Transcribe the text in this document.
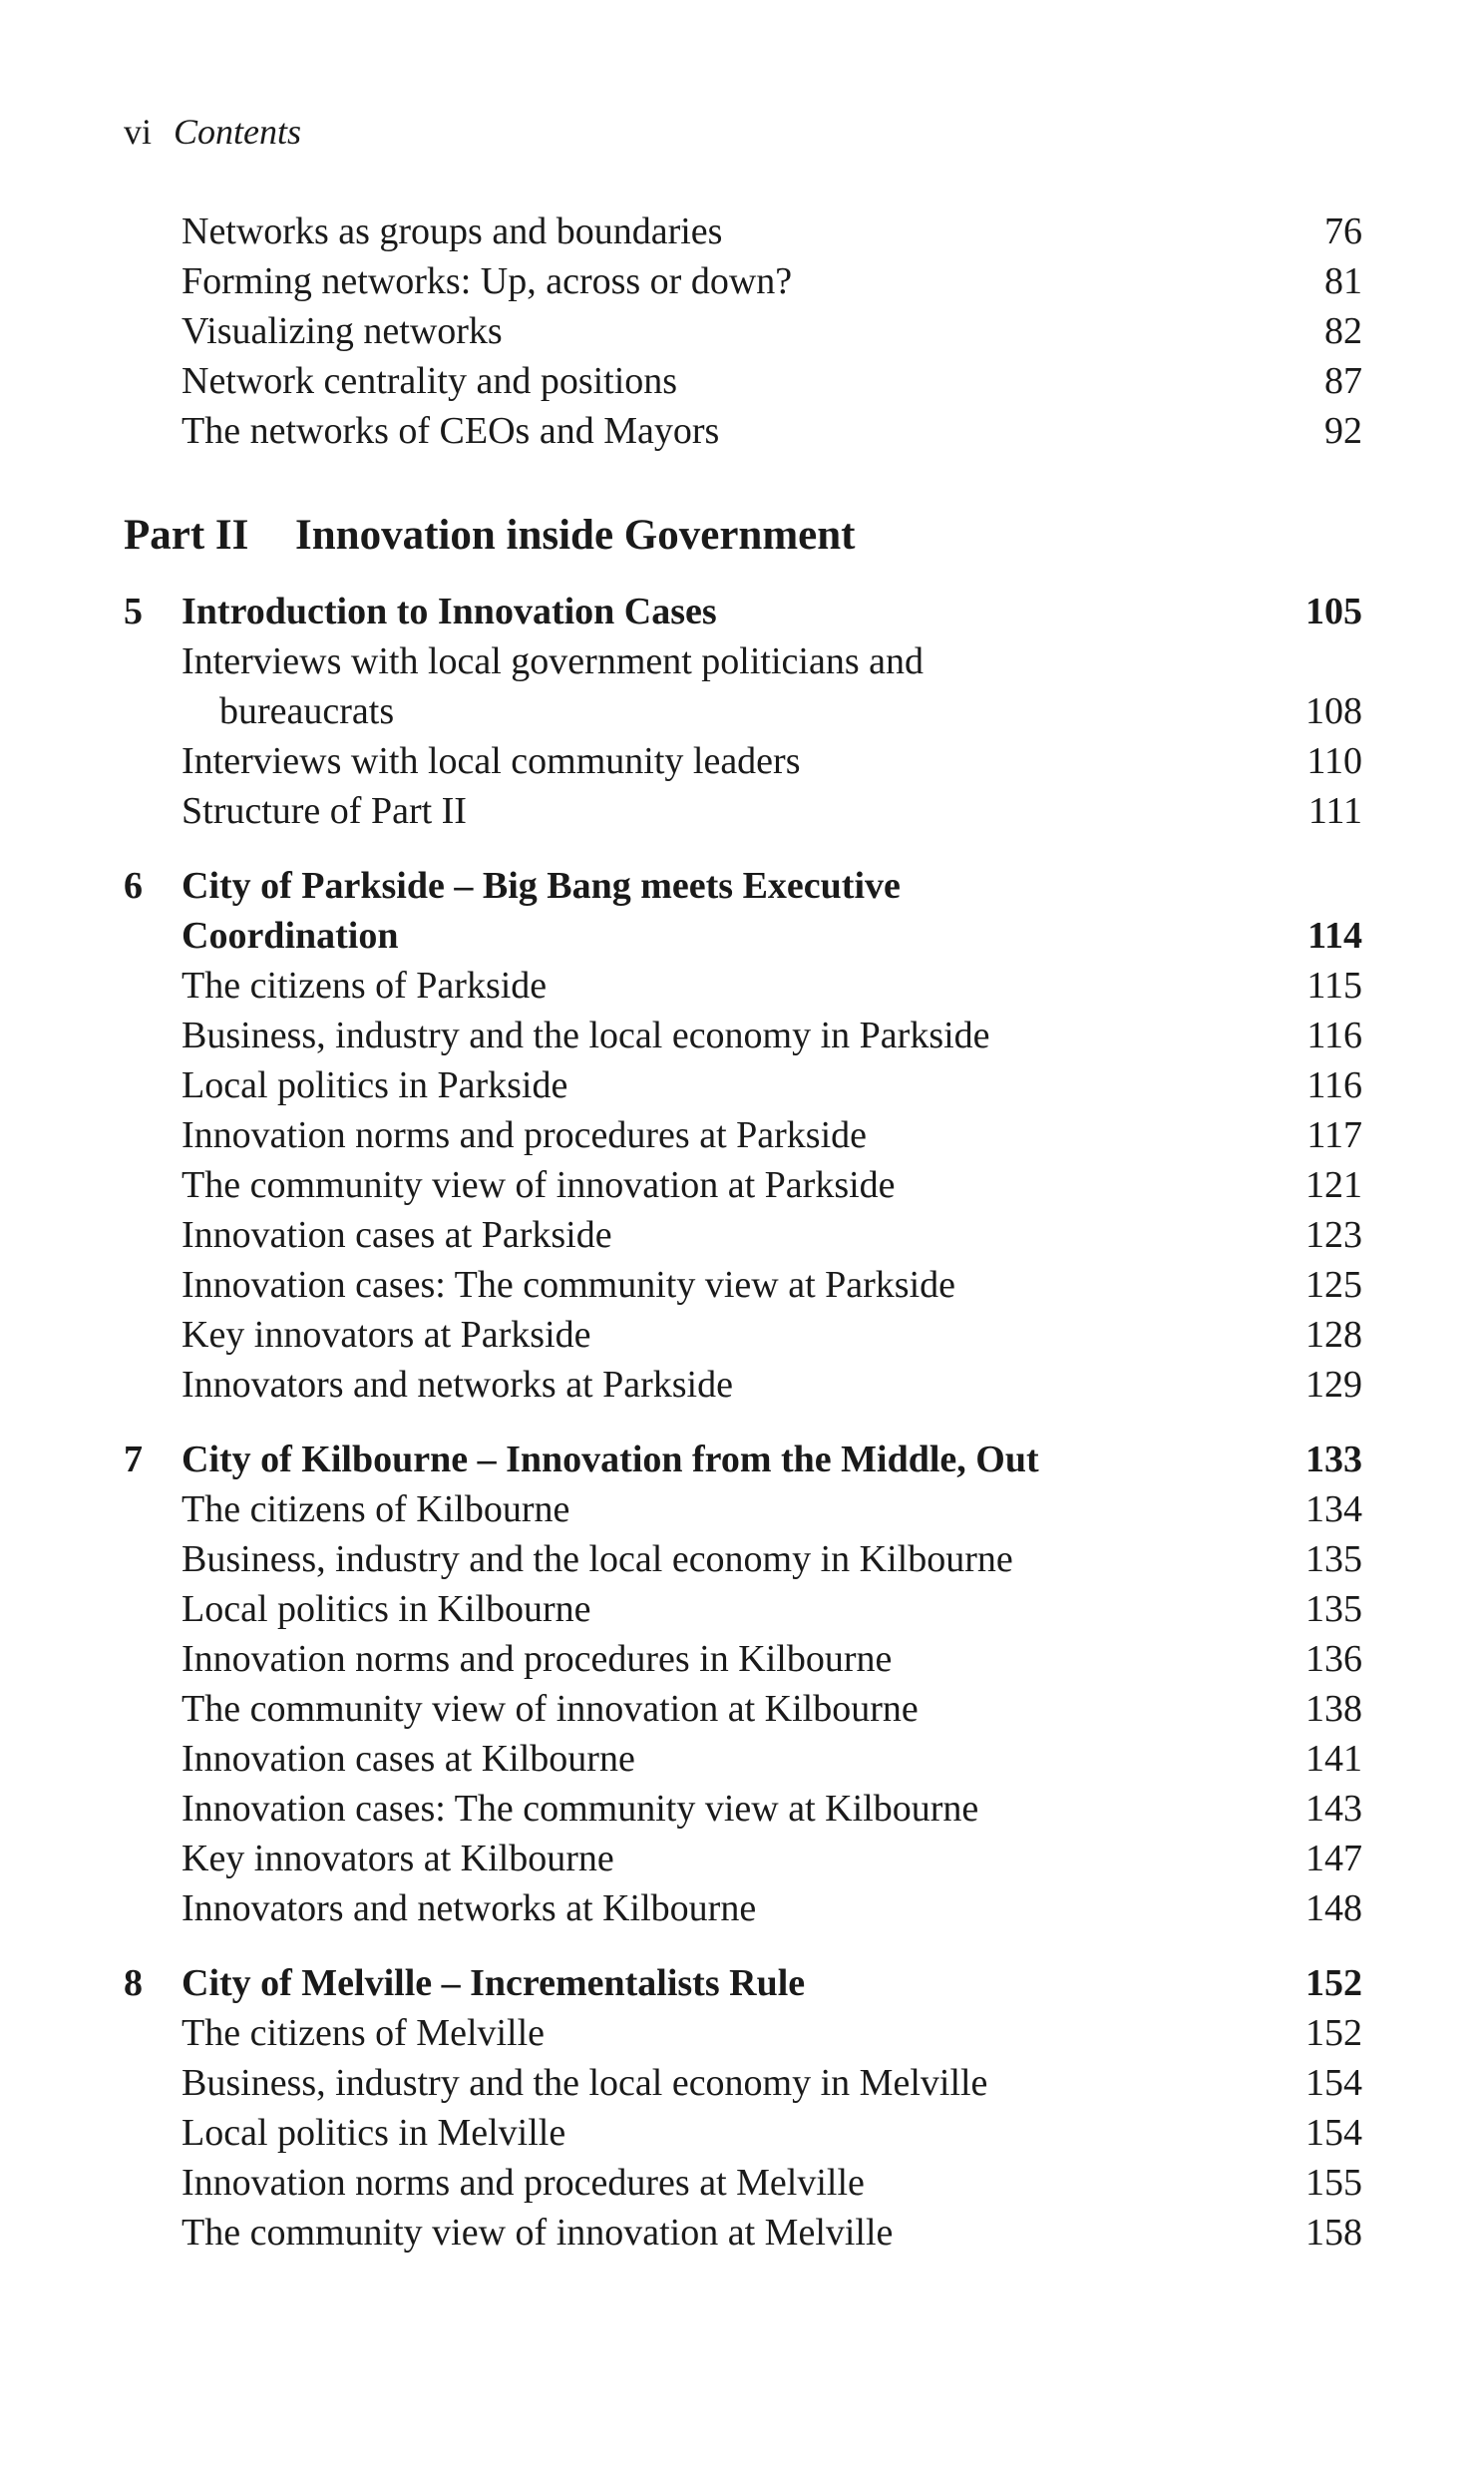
vi Contents
Networks as groups and boundaries	76
Forming networks: Up, across or down?	81
Visualizing networks	82
Network centrality and positions	87
The networks of CEOs and Mayors	92
Part II Innovation inside Government
5 Introduction to Innovation Cases	105
Interviews with local government politicians and
bureaucrats	108
Interviews with local community leaders	110
Structure of Part II	111
6 City of Parkside – Big Bang meets Executive
Coordination	114
The citizens of Parkside	115
Business, industry and the local economy in Parkside	116
Local politics in Parkside	116
Innovation norms and procedures at Parkside	117
The community view of innovation at Parkside	121
Innovation cases at Parkside	123
Innovation cases: The community view at Parkside	125
Key innovators at Parkside	128
Innovators and networks at Parkside	129
7 City of Kilbourne – Innovation from the Middle, Out	133
The citizens of Kilbourne	134
Business, industry and the local economy in Kilbourne	135
Local politics in Kilbourne	135
Innovation norms and procedures in Kilbourne	136
The community view of innovation at Kilbourne	138
Innovation cases at Kilbourne	141
Innovation cases: The community view at Kilbourne	143
Key innovators at Kilbourne	147
Innovators and networks at Kilbourne	148
8 City of Melville – Incrementalists Rule	152
The citizens of Melville	152
Business, industry and the local economy in Melville	154
Local politics in Melville	154
Innovation norms and procedures at Melville	155
The community view of innovation at Melville	158
